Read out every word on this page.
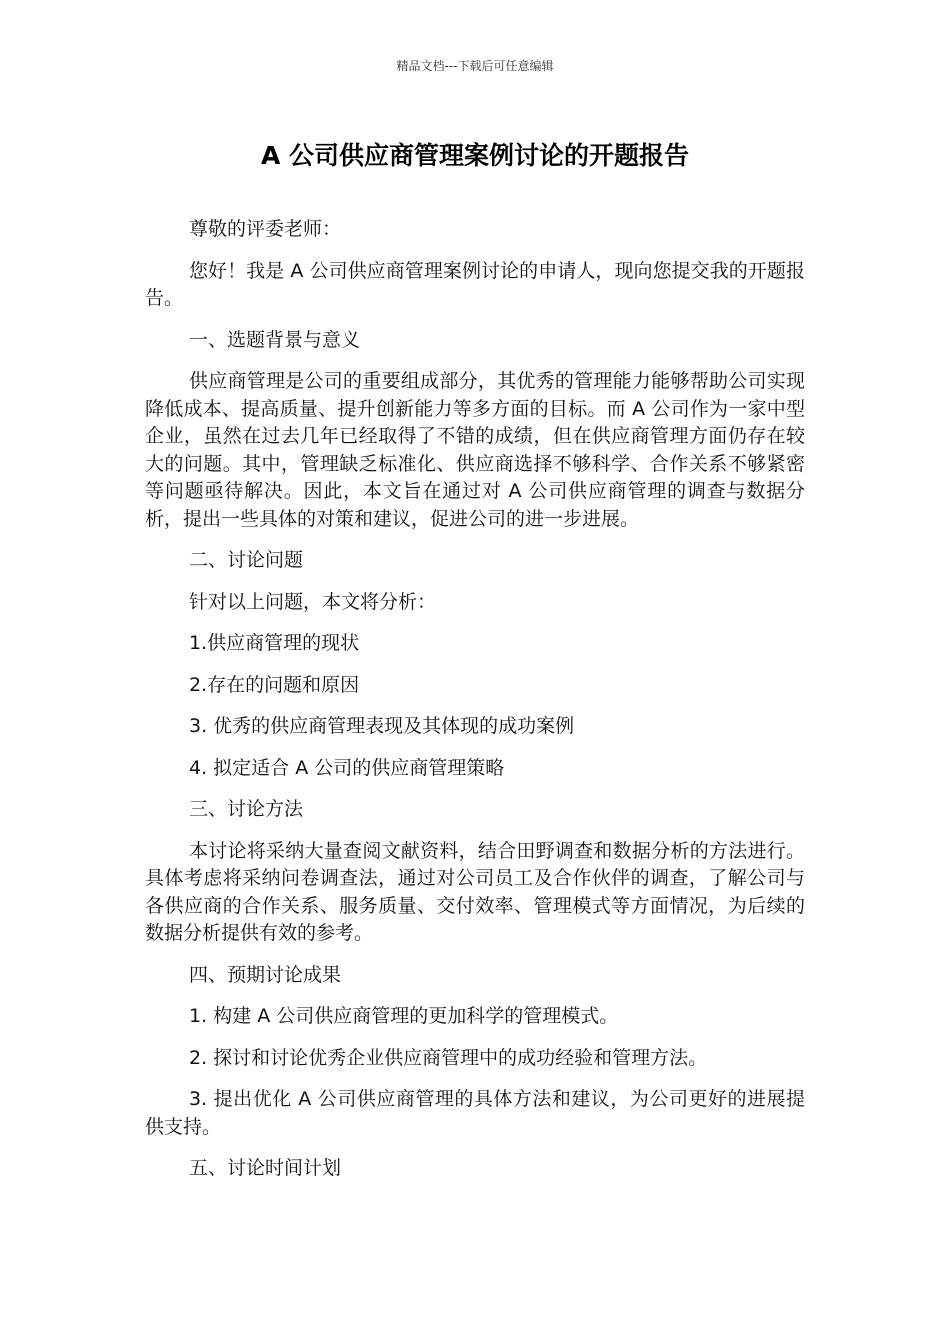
精品文档---下载后可任意编辑
A 公司供应商管理案例讨论的开题报告

尊敬的评委老师：

您好！我是 A 公司供应商管理案例讨论的申请人，现向您提交我的开题报告。

一、选题背景与意义

供应商管理是公司的重要组成部分，其优秀的管理能力能够帮助公司实现降低成本、提高质量、提升创新能力等多方面的目标。而 A 公司作为一家中型企业，虽然在过去几年已经取得了不错的成绩，但在供应商管理方面仍存在较大的问题。其中，管理缺乏标准化、供应商选择不够科学、合作关系不够紧密等问题亟待解决。因此，本文旨在通过对 A 公司供应商管理的调查与数据分析，提出一些具体的对策和建议，促进公司的进一步进展。

二、讨论问题

针对以上问题，本文将分析：

1.供应商管理的现状

2.存在的问题和原因

3. 优秀的供应商管理表现及其体现的成功案例

4. 拟定适合 A 公司的供应商管理策略

三、讨论方法

本讨论将采纳大量查阅文献资料，结合田野调查和数据分析的方法进行。具体考虑将采纳问卷调查法，通过对公司员工及合作伙伴的调查，了解公司与各供应商的合作关系、服务质量、交付效率、管理模式等方面情况，为后续的数据分析提供有效的参考。

四、预期讨论成果

1. 构建 A 公司供应商管理的更加科学的管理模式。

2. 探讨和讨论优秀企业供应商管理中的成功经验和管理方法。

3. 提出优化 A 公司供应商管理的具体方法和建议，为公司更好的进展提供支持。

五、讨论时间计划
